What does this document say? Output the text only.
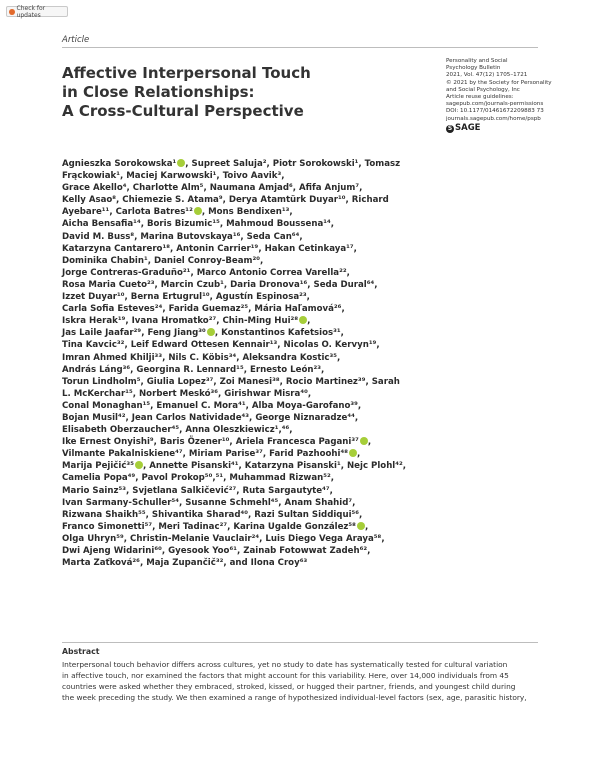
Check for updates
Article
Affective Interpersonal Touch
in Close Relationships:
A Cross-Cultural Perspective
Personality and Social
Psychology Bulletin
2021, Vol. 47(12) 1705–1721
© 2021 by the Society for Personality
and Social Psychology, Inc
Article reuse guidelines:
sagepub.com/journals-permissions
DOI: 10.1177/01461672209883 73
journals.sagepub.com/home/pspb
S SAGE
Agnieszka Sorokowska¹ , Supreet Saluja², Piotr Sorokowski¹, Tomasz
Frąckowiak¹, Maciej Karwowski¹, Toivo Aavik³,
Grace Akello⁴, Charlotte Alm⁵, Naumana Amjad⁶, Afifa Anjum⁷,
Kelly Asao⁸, Chiemezie S. Atama⁹, Derya Atamtürk Duyar¹⁰, Richard
Ayebare¹¹, Carlota Batres¹² , Mons Bendixen¹³,
Aicha Bensafia¹⁴, Boris Bizumic¹⁵, Mahmoud Boussena¹⁴,
David M. Buss⁸, Marina Butovskaya¹⁶, Seda Can⁶⁴,
Katarzyna Cantarero¹⁸, Antonin Carrier¹⁹, Hakan Cetinkaya¹⁷,
Dominika Chabin¹, Daniel Conroy-Beam²⁰,
Jorge Contreras-Graduño²¹, Marco Antonio Correa Varella²²,
Rosa Maria Cueto²³, Marcin Czub¹, Daria Dronova¹⁶, Seda Dural⁶⁴,
Izzet Duyar¹⁰, Berna Ertugrul¹⁰, Agustín Espinosa²³,
Carla Sofia Esteves²⁴, Farida Guemaz²⁵, Mária Haľamová²⁶,
Iskra Herak¹⁹, Ivana Hromatko²⁷, Chin-Ming Hui²⁸ ,
Jas Laile Jaafar²⁹, Feng Jiang³⁰ , Konstantinos Kafetsios³¹,
Tina Kavcic³², Leif Edward Ottesen Kennair¹³, Nicolas O. Kervyn¹⁹,
Imran Ahmed Khilji³³, Nils C. Köbis³⁴, Aleksandra Kostic³⁵,
András Láng³⁶, Georgina R. Lennard¹⁵, Ernesto León²³,
Torun Lindholm⁵, Giulia Lopez³⁷, Zoi Manesi³⁸, Rocio Martinez³⁹, Sarah
L. McKerchar¹⁵, Norbert Meskó³⁶, Girishwar Misra⁴⁰,
Conal Monaghan¹⁵, Emanuel C. Mora⁴¹, Alba Moya-Garofano³⁹,
Bojan Musil⁴², Jean Carlos Natividade⁴³, George Niznaradze⁴⁴,
Elisabeth Oberzaucher⁴⁵, Anna Oleszkiewicz¹,⁴⁶,
Ike Ernest Onyishi⁹, Baris Özener¹⁰, Ariela Francesca Pagani³⁷ ,
Vilmante Pakalniskiene⁴⁷, Miriam Parise³⁷, Farid Pazhoohi⁴⁸ ,
Marija Pejičić³⁵ , Annette Pisanski⁴¹, Katarzyna Pisanski¹, Nejc Plohl⁴²,
Camelia Popa⁴⁹, Pavol Prokop⁵⁰,⁵¹, Muhammad Rizwan⁵²,
Mario Sainz⁵³, Svjetlana Salkičević²⁷, Ruta Sargautyte⁴⁷,
Ivan Sarmany-Schuller⁵⁴, Susanne Schmehl⁴⁵, Anam Shahid⁷,
Rizwana Shaikh⁵⁵, Shivantika Sharad⁴⁰, Razi Sultan Siddiqui⁵⁶,
Franco Simonetti⁵⁷, Meri Tadinac²⁷, Karina Ugalde González⁵⁸ ,
Olga Uhryn⁵⁹, Christin-Melanie Vauclair²⁴, Luis Diego Vega Araya⁵⁸,
Dwi Ajeng Widarini⁶⁰, Gyesook Yoo⁶¹, Zainab Fotowwat Zadeh⁶²,
Marta Zaťková²⁶, Maja Zupančič³², and Ilona Croy⁶³
Abstract
Interpersonal touch behavior differs across cultures, yet no study to date has systematically tested for cultural variation
in affective touch, nor examined the factors that might account for this variability. Here, over 14,000 individuals from 45
countries were asked whether they embraced, stroked, kissed, or hugged their partner, friends, and youngest child during
the week preceding the study. We then examined a range of hypothesized individual-level factors (sex, age, parasitic history,
